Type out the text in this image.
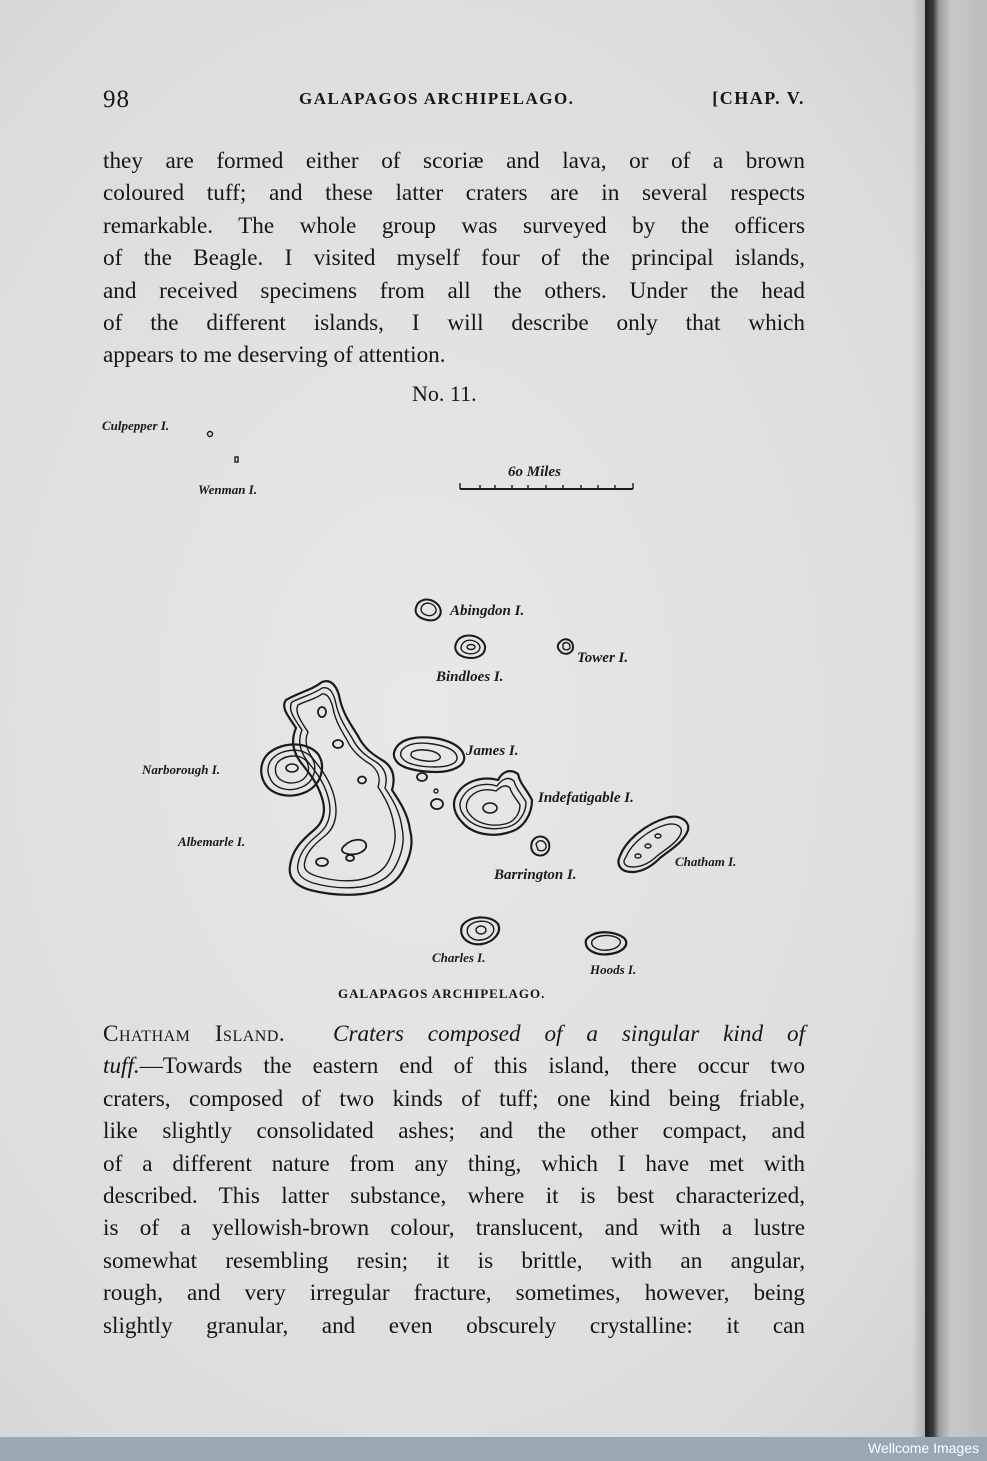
98	GALAPAGOS ARCHIPELAGO.	[CHAP. V.
they are formed either of scoriæ and lava, or of a brown
coloured tuff; and these latter craters are in several respects
remarkable. The whole group was surveyed by the officers
of the Beagle. I visited myself four of the principal islands,
and received specimens from all the others. Under the head
of the different islands, I will describe only that which
appears to me deserving of attention.
No. 11.
Culpepper I.
Wenman I.
6o Miles
Abingdon I.
Tower I.
Bindloes I.
James I.
Narborough I.
Indefatigable I.
Albemarle I.
Chatham I.
Barrington I.
Charles I.
Hoods I.
GALAPAGOS ARCHIPELAGO.
Chatham Island. Craters composed of a singular kind of
tuff.—Towards the eastern end of this island, there occur two
craters, composed of two kinds of tuff; one kind being friable,
like slightly consolidated ashes; and the other compact, and
of a different nature from any thing, which I have met with
described. This latter substance, where it is best characterized,
is of a yellowish-brown colour, translucent, and with a lustre
somewhat resembling resin; it is brittle, with an angular,
rough, and very irregular fracture, sometimes, however, being
slightly granular, and even obscurely crystalline: it can
Wellcome Images
